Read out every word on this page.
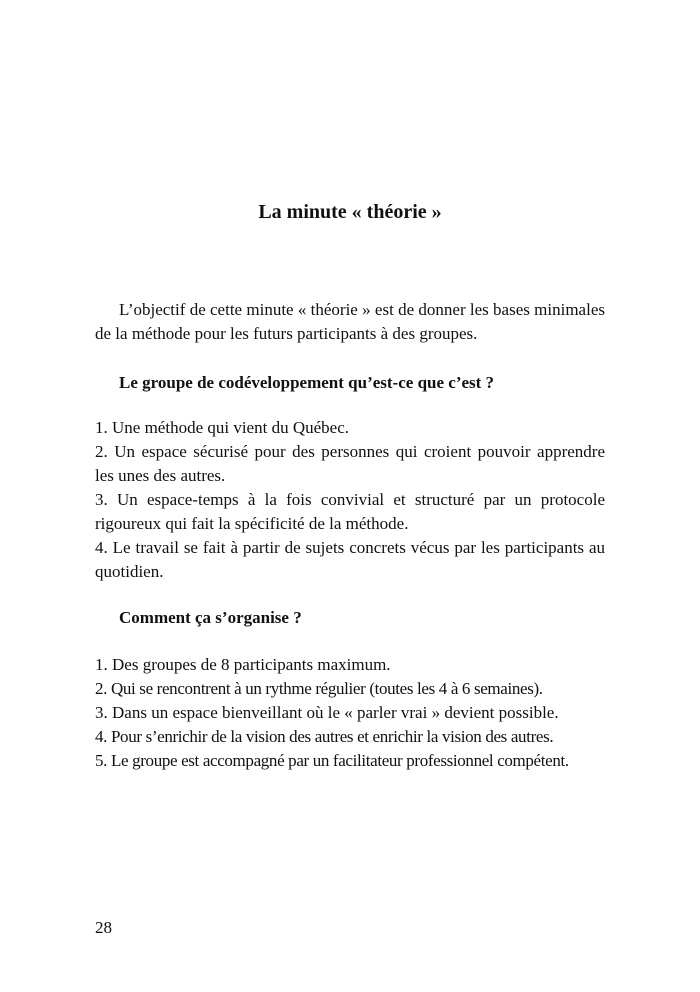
La minute « théorie »

L’objectif de cette minute « théorie » est de donner les bases minimales de la méthode pour les futurs participants à des groupes.

Le groupe de codéveloppement qu’est-ce que c’est ?
1. Une méthode qui vient du Québec.
2. Un espace sécurisé pour des personnes qui croient pouvoir apprendre les unes des autres.
3. Un espace-temps à la fois convivial et structuré par un protocole rigoureux qui fait la spécificité de la méthode.
4. Le travail se fait à partir de sujets concrets vécus par les participants au quotidien.
Comment ça s’organise ?
1. Des groupes de 8 participants maximum.
2. Qui se rencontrent à un rythme régulier (toutes les 4 à 6 semaines).
3. Dans un espace bienveillant où le « parler vrai » devient possible.
4. Pour s’enrichir de la vision des autres et enrichir la vision des autres.
5. Le groupe est accompagné par un facilitateur professionnel compétent.

28
